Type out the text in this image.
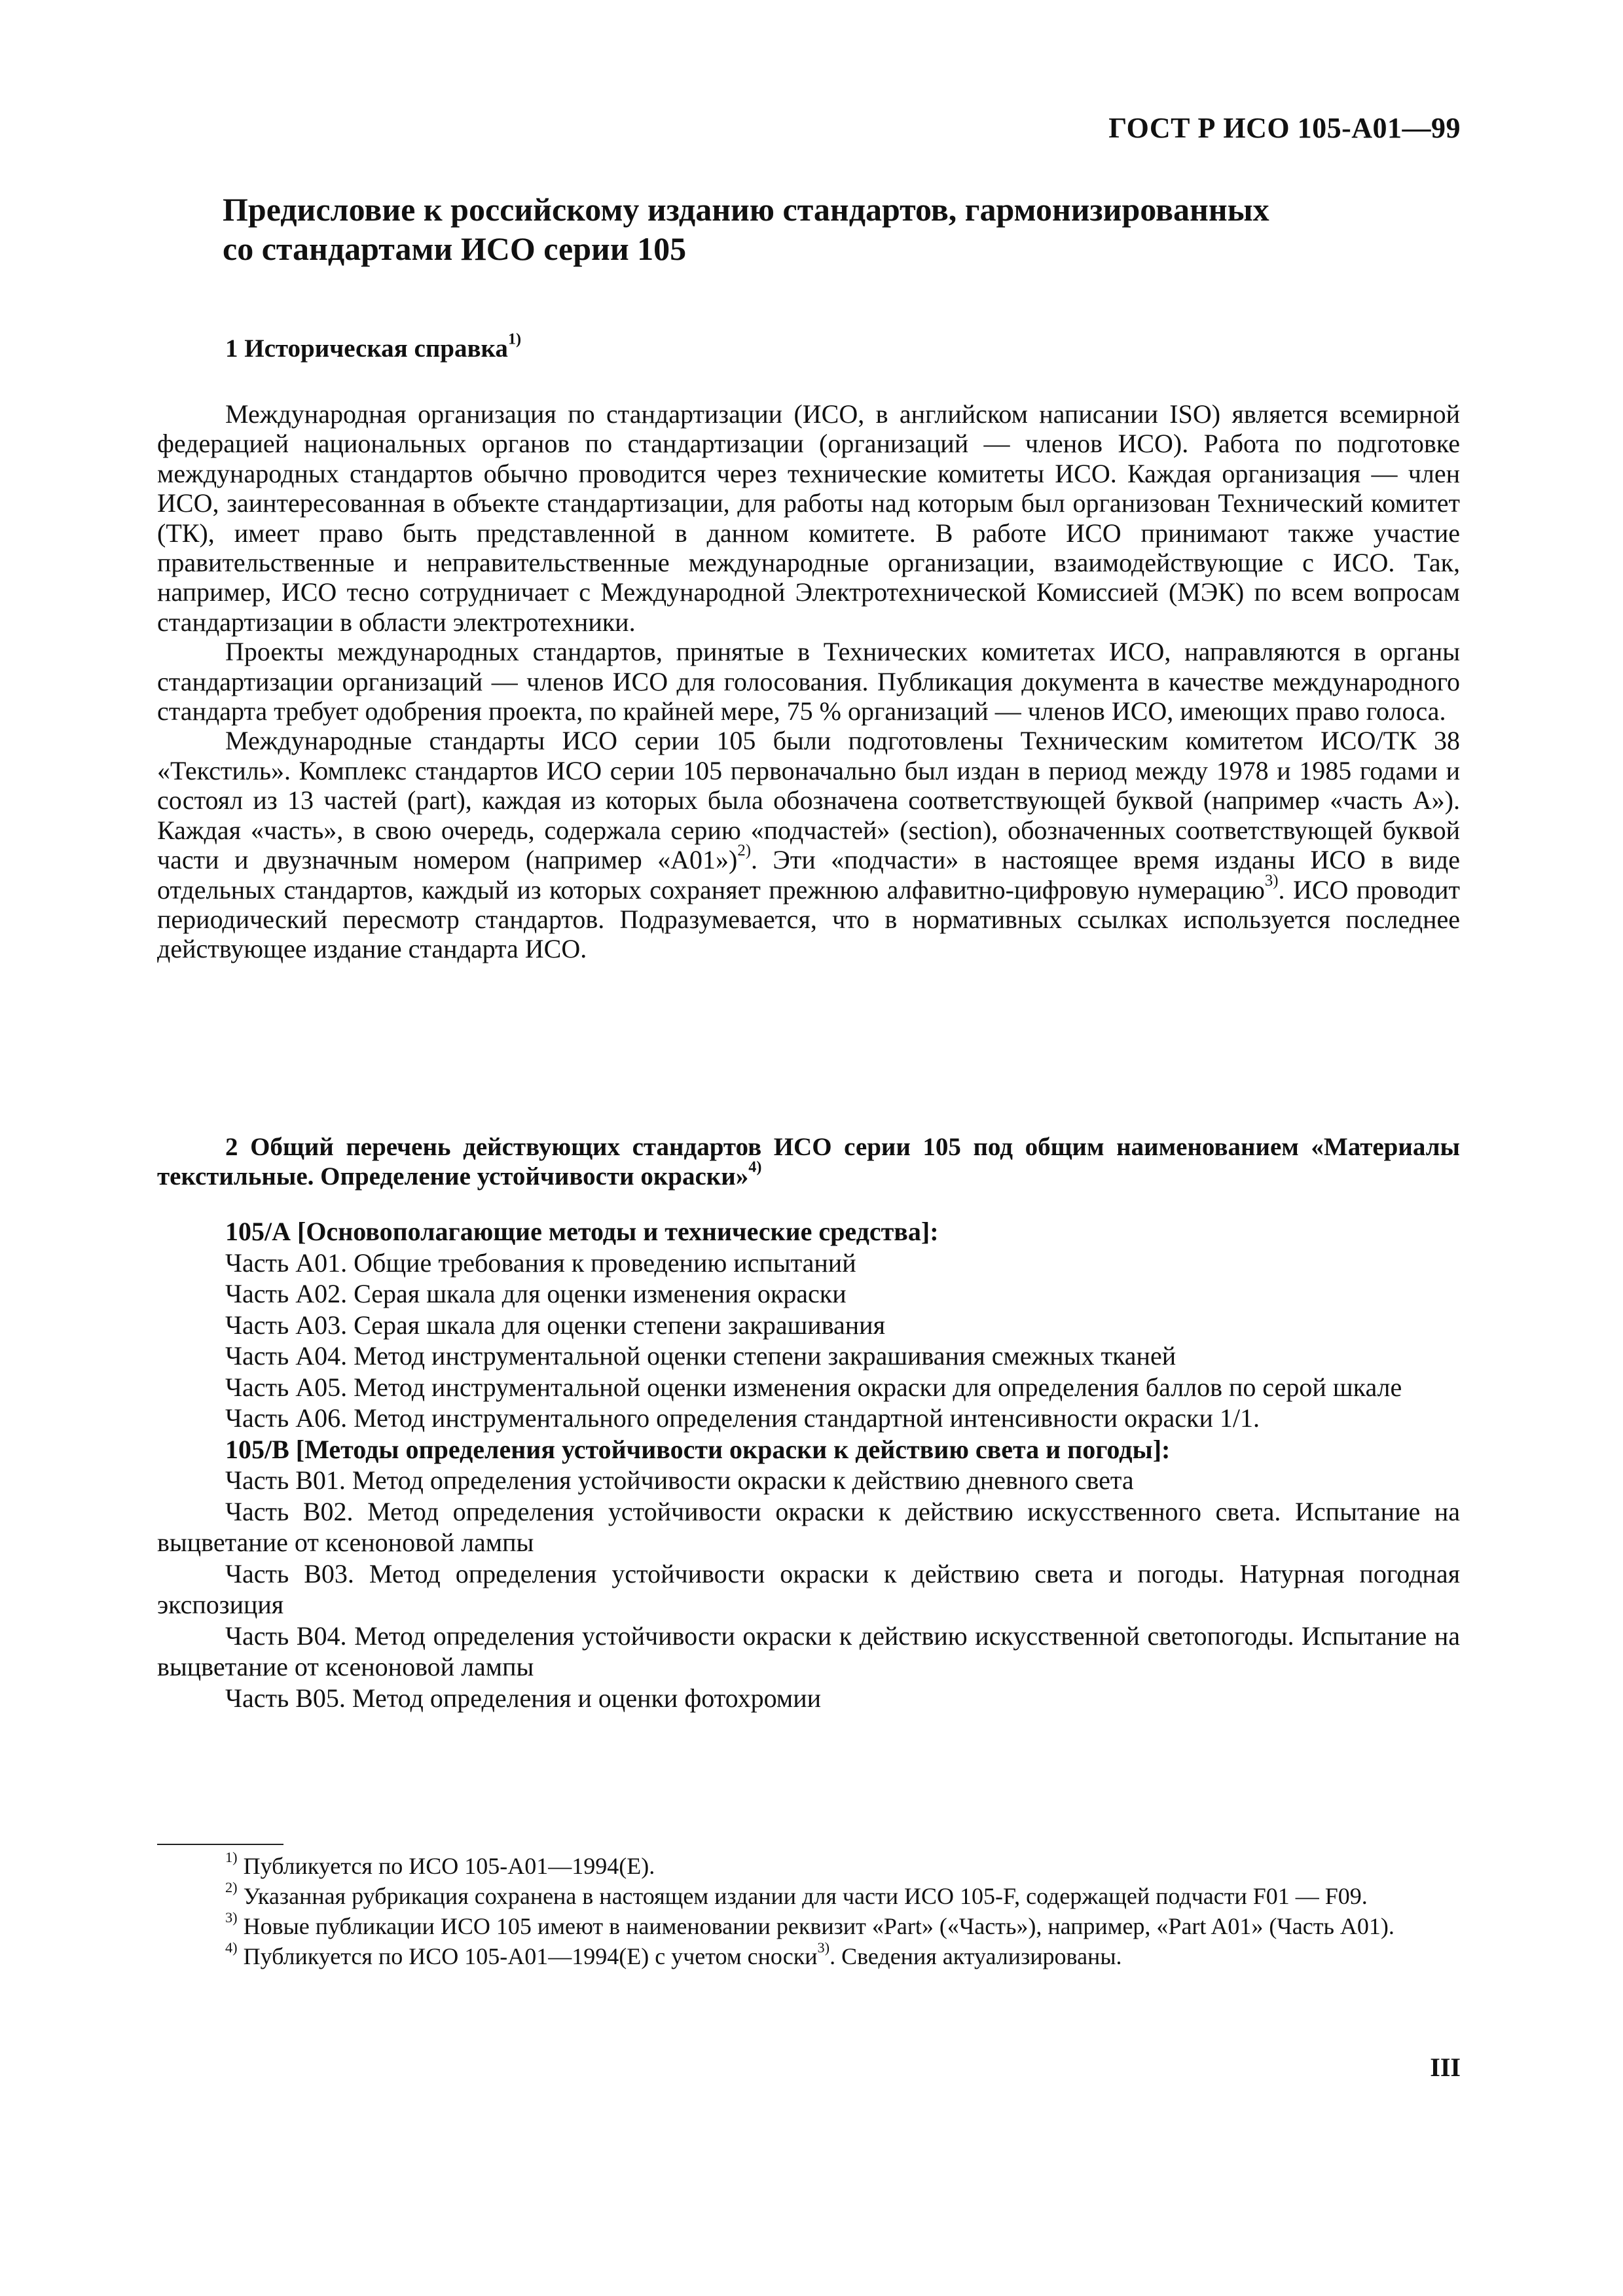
ГОСТ Р ИСО 105-А01—99
Предисловие к российскому изданию стандартов, гармонизированных
со стандартами ИСО серии 105
1 Историческая справка$^{1)}$

Международная организация по стандартизации (ИСО, в английском написании ISO) является всемирной федерацией национальных органов по стандартизации (организаций — членов ИСО). Работа по подготовке международных стандартов обычно проводится через технические комитеты ИСО. Каждая организация — член ИСО, заинтересованная в объекте стандартизации, для работы над которым был организован Технический комитет (ТК), имеет право быть представленной в данном комитете. В работе ИСО принимают также участие правительственные и неправительственные международные организации, взаимодействующие с ИСО. Так, например, ИСО тесно сотрудничает с Международной Электротехнической Комиссией (МЭК) по всем вопросам стандартизации в области электротехники.

Проекты международных стандартов, принятые в Технических комитетах ИСО, направляются в органы стандартизации организаций — членов ИСО для голосования. Публикация документа в качестве международного стандарта требует одобрения проекта, по крайней мере, 75 % организаций — членов ИСО, имеющих право голоса.

Международные стандарты ИСО серии 105 были подготовлены Техническим комитетом ИСО/ТК 38 «Текстиль». Комплекс стандартов ИСО серии 105 первоначально был издан в период между 1978 и 1985 годами и состоял из 13 частей (part), каждая из которых была обозначена соответствующей буквой (например «часть А»). Каждая «часть», в свою очередь, содержала серию «подчастей» (section), обозначенных соответствующей буквой части и двузначным номером (например «А01»)$^{2)}$. Эти «подчасти» в настоящее время изданы ИСО в виде отдельных стандартов, каждый из которых сохраняет прежнюю алфавитно-цифровую нумерацию$^{3)}$. ИСО проводит периодический пересмотр стандартов. Подразумевается, что в нормативных ссылках используется последнее действующее издание стандарта ИСО.

2 Общий перечень действующих стандартов ИСО серии 105 под общим наименованием «Материалы текстильные. Определение устойчивости окраски»$^{4)}$
105/А [Основополагающие методы и технические средства]:
Часть А01. Общие требования к проведению испытаний
Часть А02. Серая шкала для оценки изменения окраски
Часть А03. Серая шкала для оценки степени закрашивания
Часть А04. Метод инструментальной оценки степени закрашивания смежных тканей
Часть А05. Метод инструментальной оценки изменения окраски для определения баллов по серой шкале
Часть А06. Метод инструментального определения стандартной интенсивности окраски 1/1.
105/В [Методы определения устойчивости окраски к действию света и погоды]:
Часть В01. Метод определения устойчивости окраски к действию дневного света
Часть В02. Метод определения устойчивости окраски к действию искусственного света. Испытание на выцветание от ксеноновой лампы
Часть В03. Метод определения устойчивости окраски к действию света и погоды. Натурная погодная экспозиция
Часть В04. Метод определения устойчивости окраски к действию искусственной светопогоды. Испытание на выцветание от ксеноновой лампы
Часть В05. Метод определения и оценки фотохромии
$^{1)}$ Публикуется по ИСО 105-А01—1994(Е).
$^{2)}$ Указанная рубрикация сохранена в настоящем издании для части ИСО 105-F, содержащей подчасти F01 — F09.
$^{3)}$ Новые публикации ИСО 105 имеют в наименовании реквизит «Part» («Часть»), например, «Part A01» (Часть А01).
$^{4)}$ Публикуется по ИСО 105-А01—1994(Е) с учетом сноски$^{3)}$. Сведения актуализированы.
III
